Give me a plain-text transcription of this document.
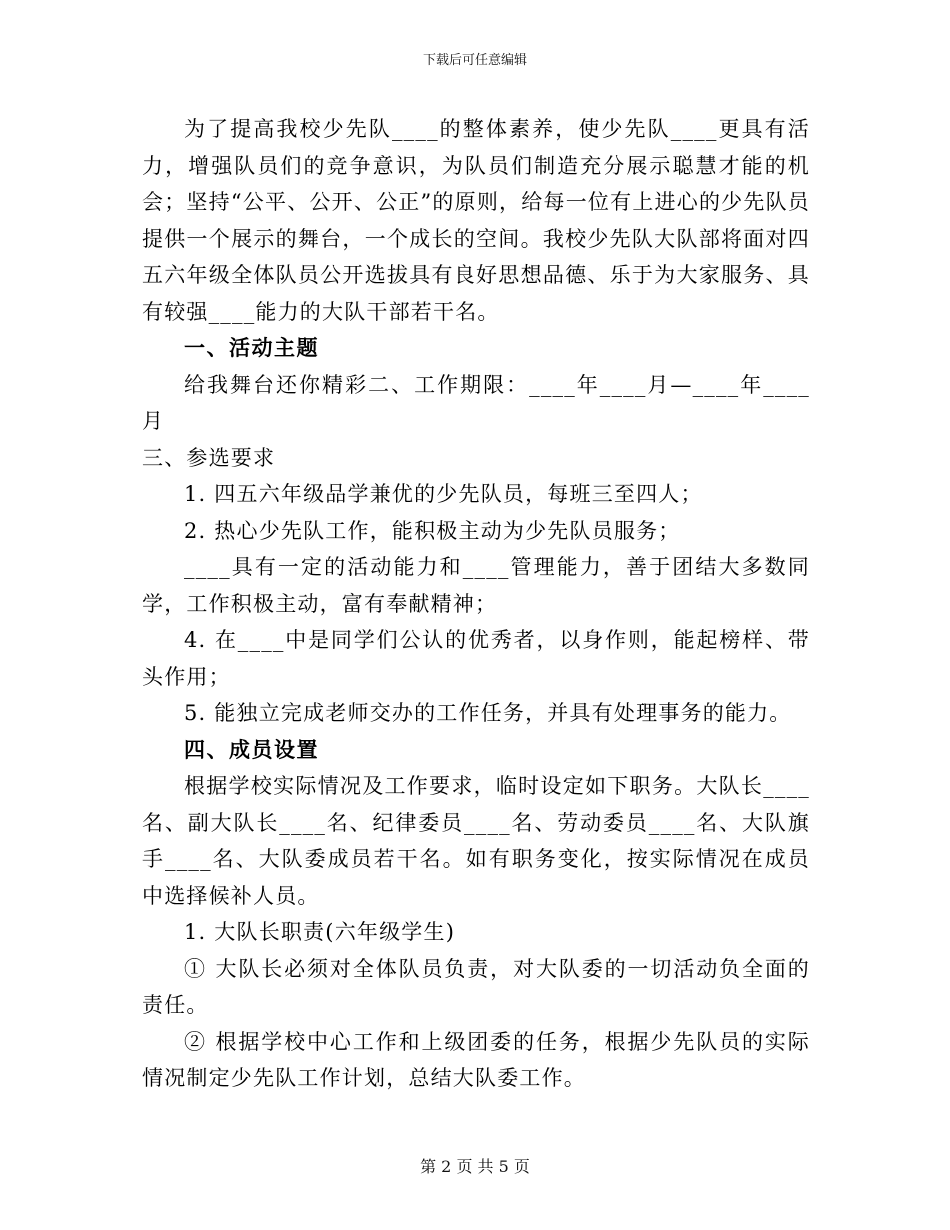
下载后可任意编辑

为了提高我校少先队____的整体素养，使少先队____更具有活力，增强队员们的竞争意识，为队员们制造充分展示聪慧才能的机会；坚持“公平、公开、公正”的原则，给每一位有上进心的少先队员提供一个展示的舞台，一个成长的空间。我校少先队大队部将面对四五六年级全体队员公开选拔具有良好思想品德、乐于为大家服务、具有较强____能力的大队干部若干名。

一、活动主题

给我舞台还你精彩二、工作期限：____年____月—____年____月

三、参选要求

1. 四五六年级品学兼优的少先队员，每班三至四人；

2. 热心少先队工作，能积极主动为少先队员服务；

____具有一定的活动能力和____管理能力，善于团结大多数同学，工作积极主动，富有奉献精神；

4. 在____中是同学们公认的优秀者，以身作则，能起榜样、带头作用；

5. 能独立完成老师交办的工作任务，并具有处理事务的能力。

四、成员设置

根据学校实际情况及工作要求，临时设定如下职务。大队长____名、副大队长____名、纪律委员____名、劳动委员____名、大队旗手____名、大队委成员若干名。如有职务变化，按实际情况在成员中选择候补人员。

1. 大队长职责(六年级学生)

① 大队长必须对全体队员负责，对大队委的一切活动负全面的责任。

② 根据学校中心工作和上级团委的任务，根据少先队员的实际情况制定少先队工作计划，总结大队委工作。

第 2 页 共 5 页
